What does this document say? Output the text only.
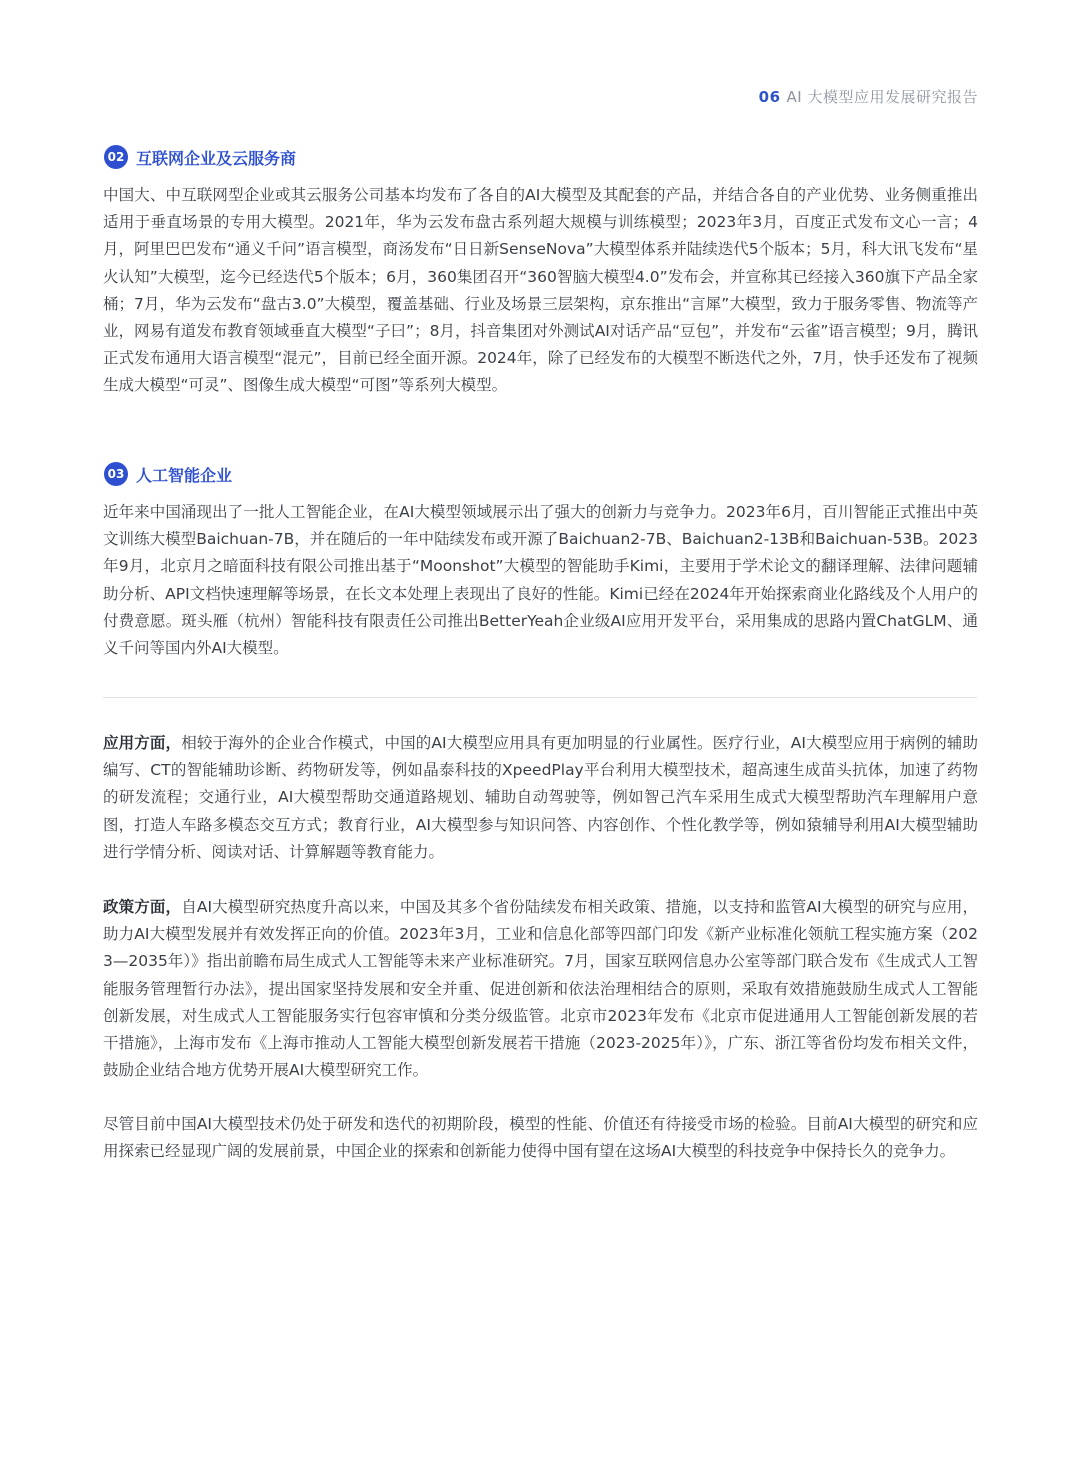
06 AI 大模型应用发展研究报告
02 互联网企业及云服务商
中国大、中互联网型企业或其云服务公司基本均发布了各自的AI大模型及其配套的产品，并结合各自的产业优势、业务侧重推出适用于垂直场景的专用大模型。2021年，华为云发布盘古系列超大规模与训练模型；2023年3月，百度正式发布文心一言；4月，阿里巴巴发布“通义千问”语言模型，商汤发布“日日新SenseNova”大模型体系并陆续迭代5个版本；5月，科大讯飞发布“星火认知”大模型，迄今已经迭代5个版本；6月，360集团召开“360智脑大模型4.0”发布会，并宣称其已经接入360旗下产品全家桶；7月，华为云发布“盘古3.0”大模型，覆盖基础、行业及场景三层架构，京东推出“言犀”大模型，致力于服务零售、物流等产业，网易有道发布教育领域垂直大模型“子曰”；8月，抖音集团对外测试AI对话产品“豆包”，并发布“云雀”语言模型；9月，腾讯正式发布通用大语言模型“混元”，目前已经全面开源。2024年，除了已经发布的大模型不断迭代之外，7月，快手还发布了视频生成大模型“可灵”、图像生成大模型“可图”等系列大模型。
03 人工智能企业
近年来中国涌现出了一批人工智能企业，在AI大模型领域展示出了强大的创新力与竞争力。2023年6月，百川智能正式推出中英文训练大模型Baichuan-7B，并在随后的一年中陆续发布或开源了Baichuan2-7B、Baichuan2-13B和Baichuan-53B。2023年9月，北京月之暗面科技有限公司推出基于“Moonshot”大模型的智能助手Kimi，主要用于学术论文的翻译理解、法律问题辅助分析、API文档快速理解等场景，在长文本处理上表现出了良好的性能。Kimi已经在2024年开始探索商业化路线及个人用户的付费意愿。斑头雁（杭州）智能科技有限责任公司推出BetterYeah企业级AI应用开发平台，采用集成的思路内置ChatGLM、通义千问等国内外AI大模型。
应用方面，相较于海外的企业合作模式，中国的AI大模型应用具有更加明显的行业属性。医疗行业，AI大模型应用于病例的辅助编写、CT的智能辅助诊断、药物研发等，例如晶泰科技的XpeedPlay平台利用大模型技术，超高速生成苗头抗体，加速了药物的研发流程；交通行业，AI大模型帮助交通道路规划、辅助自动驾驶等，例如智己汽车采用生成式大模型帮助汽车理解用户意图，打造人车路多模态交互方式；教育行业，AI大模型参与知识问答、内容创作、个性化教学等，例如猿辅导利用AI大模型辅助进行学情分析、阅读对话、计算解题等教育能力。
政策方面，自AI大模型研究热度升高以来，中国及其多个省份陆续发布相关政策、措施，以支持和监管AI大模型的研究与应用，助力AI大模型发展并有效发挥正向的价值。2023年3月，工业和信息化部等四部门印发《新产业标准化领航工程实施方案（2023—2035年）》指出前瞻布局生成式人工智能等未来产业标准研究。7月，国家互联网信息办公室等部门联合发布《生成式人工智能服务管理暂行办法》，提出国家坚持发展和安全并重、促进创新和依法治理相结合的原则，采取有效措施鼓励生成式人工智能创新发展，对生成式人工智能服务实行包容审慎和分类分级监管。北京市2023年发布《北京市促进通用人工智能创新发展的若干措施》，上海市发布《上海市推动人工智能大模型创新发展若干措施（2023-2025年）》，广东、浙江等省份均发布相关文件，鼓励企业结合地方优势开展AI大模型研究工作。
尽管目前中国AI大模型技术仍处于研发和迭代的初期阶段，模型的性能、价值还有待接受市场的检验。目前AI大模型的研究和应用探索已经显现广阔的发展前景，中国企业的探索和创新能力使得中国有望在这场AI大模型的科技竞争中保持长久的竞争力。
